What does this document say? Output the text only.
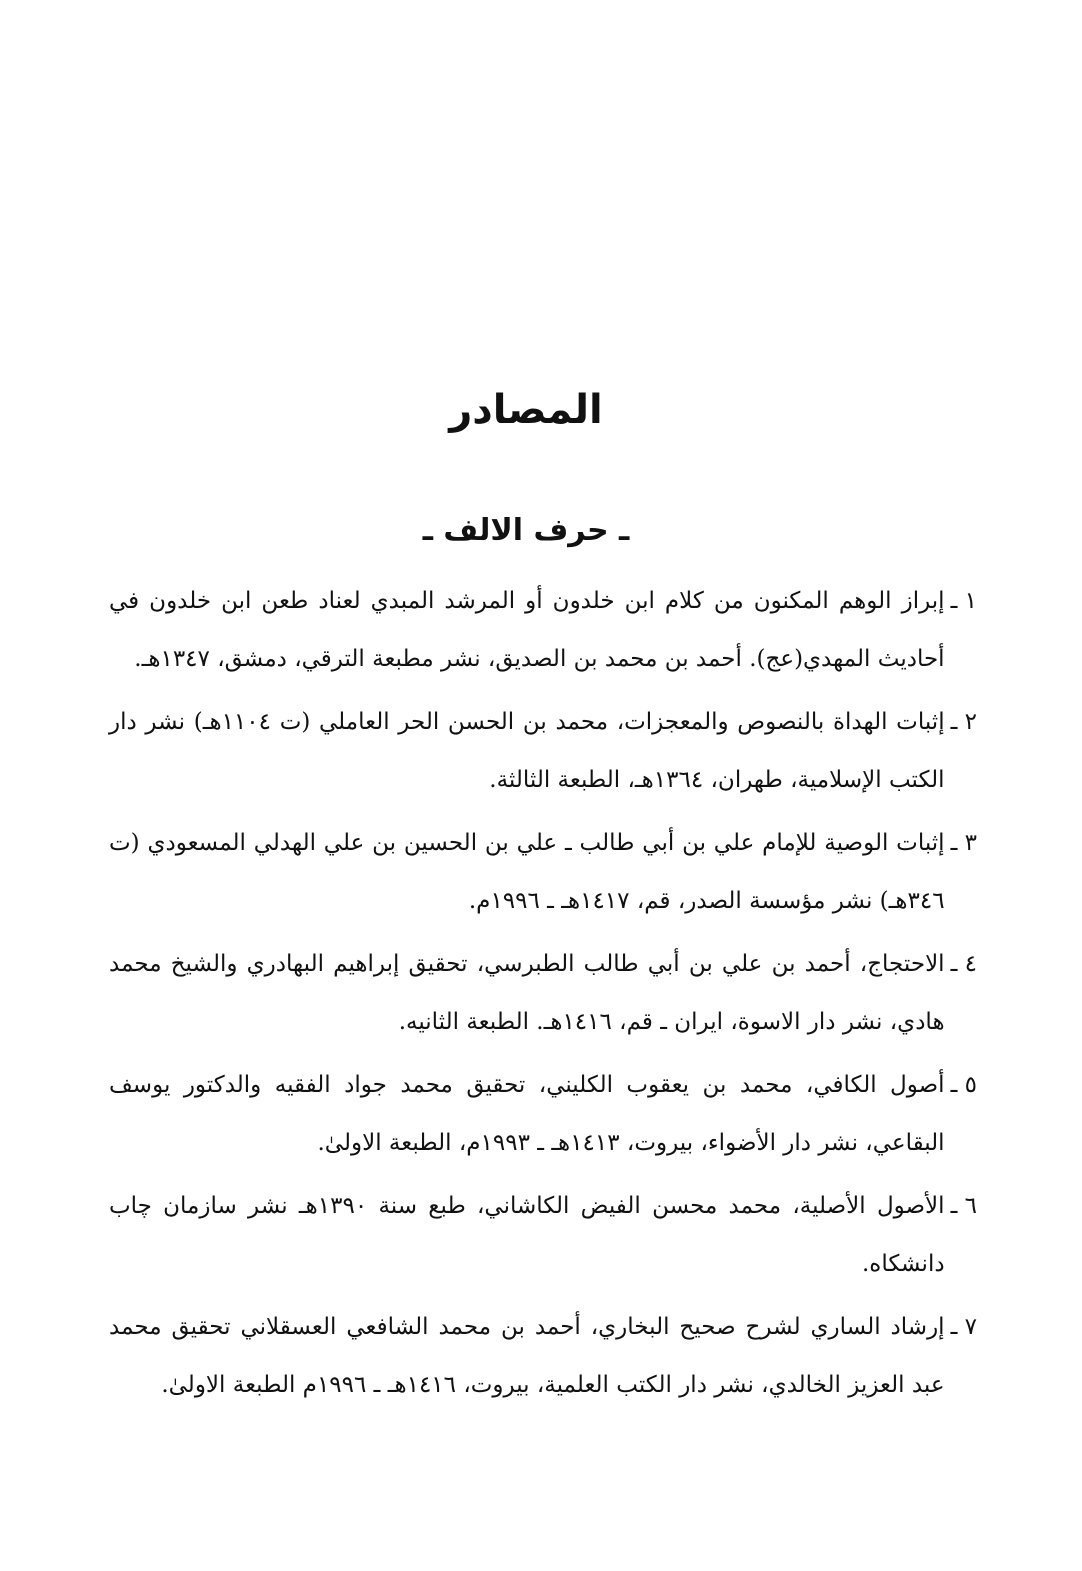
المصادر
ـ حرف الالف ـ
١ ـ
إبراز الوهم المكنون من كلام ابن خلدون أو المرشد المبدي لعناد طعن ابن خلدون في أحاديث المهدي(عج). أحمد بن محمد بن الصديق، نشر مطبعة الترقي، دمشق، ١٣٤٧هـ.
٢ ـ
إثبات الهداة بالنصوص والمعجزات، محمد بن الحسن الحر العاملي (ت ١١٠٤هـ) نشر دار الكتب الإسلامية، طهران، ١٣٦٤هـ، الطبعة الثالثة.
٣ ـ
إثبات الوصية للإمام علي بن أبي طالب ـ علي بن الحسين بن علي الهدلي المسعودي (ت ٣٤٦هـ) نشر مؤسسة الصدر، قم، ١٤١٧هـ ـ ١٩٩٦م.
٤ ـ
الاحتجاج، أحمد بن علي بن أبي طالب الطبرسي، تحقيق إبراهيم البهادري والشيخ محمد هادي، نشر دار الاسوة، ايران ـ قم، ١٤١٦هـ. الطبعة الثانيه.
٥ ـ
أصول الكافي، محمد بن يعقوب الكليني، تحقيق محمد جواد الفقيه والدكتور يوسف البقاعي، نشر دار الأضواء، بيروت، ١٤١٣هـ ـ ١٩٩٣م، الطبعة الاولىٰ.
٦ ـ
الأصول الأصلية، محمد محسن الفيض الكاشاني، طبع سنة ١٣٩٠هـ نشر سازمان چاب دانشكاه.
٧ ـ
إرشاد الساري لشرح صحيح البخاري، أحمد بن محمد الشافعي العسقلاني تحقيق محمد عبد العزيز الخالدي، نشر دار الكتب العلمية، بيروت، ١٤١٦هـ ـ ١٩٩٦م الطبعة الاولىٰ.
